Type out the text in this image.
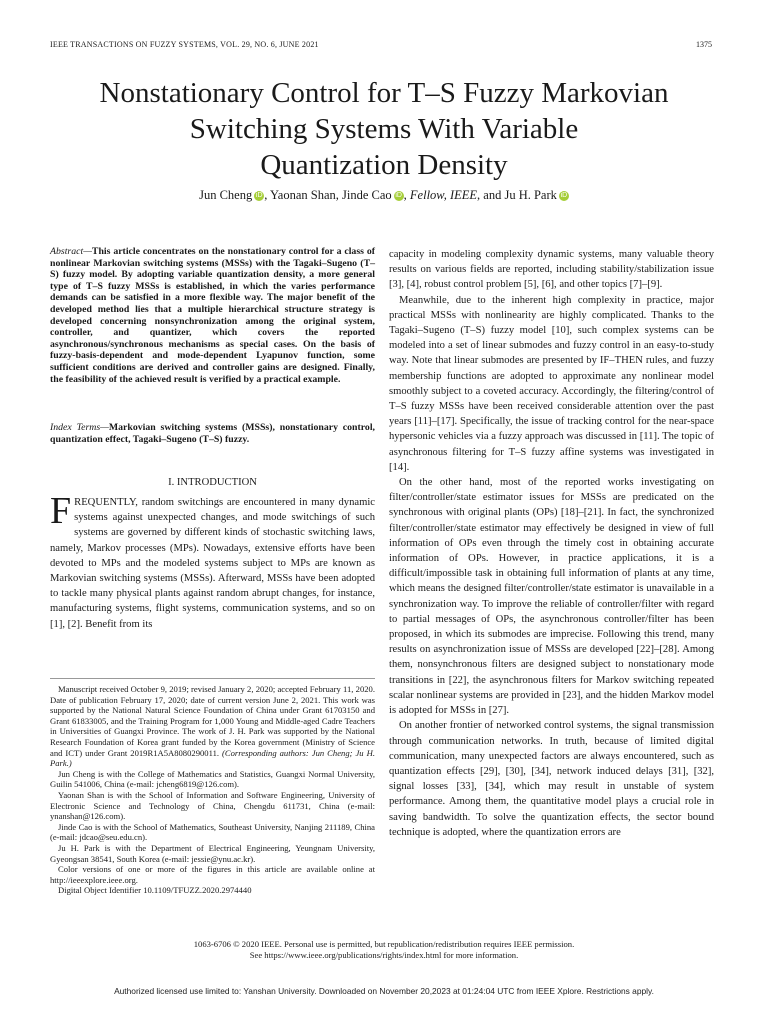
IEEE TRANSACTIONS ON FUZZY SYSTEMS, VOL. 29, NO. 6, JUNE 2021	1375
Nonstationary Control for T–S Fuzzy Markovian
Switching Systems With Variable
Quantization Density
Jun Cheng iD , Yaonan Shan, Jinde Cao iD , Fellow, IEEE, and Ju H. Park iD
Abstract—This article concentrates on the nonstationary control for a class of nonlinear Markovian switching systems (MSSs) with the Tagaki–Sugeno (T–S) fuzzy model. By adopting variable quantization density, a more general type of T–S fuzzy MSSs is established, in which the varies performance demands can be satisfied in a more flexible way. The major benefit of the developed method lies that a multiple hierarchical structure strategy is developed concerning nonsynchronization among the original system, controller, and quantizer, which covers the reported asynchronous/synchronous mechanisms as special cases. On the basis of fuzzy-basis-dependent and mode-dependent Lyapunov function, some sufficient conditions are derived and controller gains are designed. Finally, the feasibility of the achieved result is verified by a practical example.
Index Terms—Markovian switching systems (MSSs), nonstationary control, quantization effect, Tagaki–Sugeno (T–S) fuzzy.
I. INTRODUCTION

FREQUENTLY, random switchings are encountered in many dynamic systems against unexpected changes, and mode switchings of such systems are governed by different kinds of stochastic switching laws, namely, Markov processes (MPs). Nowadays, extensive efforts have been devoted to MPs and the modeled systems subject to MPs are known as Markovian switching systems (MSSs). Afterward, MSSs have been adopted to tackle many physical plants against random abrupt changes, for instance, manufacturing systems, flight systems, communication systems, and so on [1], [2]. Benefit from its

Manuscript received October 9, 2019; revised January 2, 2020; accepted February 11, 2020. Date of publication February 17, 2020; date of current version June 2, 2021. This work was supported by the National Natural Science Foundation of China under Grant 61703150 and Grant 61833005, and the Training Program for 1,000 Young and Middle-aged Cadre Teachers in Universities of Guangxi Province. The work of J. H. Park was supported by the National Research Foundation of Korea grant funded by the Korea government (Ministry of Science and ICT) under Grant 2019R1A5A8080290011. (Corresponding authors: Jun Cheng; Ju H. Park.)

Jun Cheng is with the College of Mathematics and Statistics, Guangxi Normal University, Guilin 541006, China (e-mail: jcheng6819@126.com).

Yaonan Shan is with the School of Information and Software Engineering, University of Electronic Science and Technology of China, Chengdu 611731, China (e-mail: ynanshan@126.com).

Jinde Cao is with the School of Mathematics, Southeast University, Nanjing 211189, China (e-mail: jdcao@seu.edu.cn).

Ju H. Park is with the Department of Electrical Engineering, Yeungnam University, Gyeongsan 38541, South Korea (e-mail: jessie@ynu.ac.kr).

Color versions of one or more of the figures in this article are available online at http://ieeexplore.ieee.org.

Digital Object Identifier 10.1109/TFUZZ.2020.2974440

capacity in modeling complexity dynamic systems, many valuable theory results on various fields are reported, including stability/stabilization issue [3], [4], robust control problem [5], [6], and other topics [7]–[9].

Meanwhile, due to the inherent high complexity in practice, major practical MSSs with nonlinearity are highly complicated. Thanks to the Tagaki–Sugeno (T–S) fuzzy model [10], such complex systems can be modeled into a set of linear submodes and fuzzy control in an easy-to-study way. Note that linear submodes are presented by IF–THEN rules, and fuzzy membership functions are adopted to approximate any nonlinear model smoothly subject to a coveted accuracy. Accordingly, the filtering/control of T–S fuzzy MSSs have been received considerable attention over the past years [11]–[17]. Specifically, the issue of tracking control for the near-space hypersonic vehicles via a fuzzy approach was discussed in [11]. The topic of asynchronous filtering for T–S fuzzy affine systems was investigated in [14].

On the other hand, most of the reported works investigating on filter/controller/state estimator issues for MSSs are predicated on the synchronous with original plants (OPs) [18]–[21]. In fact, the synchronized filter/controller/state estimator may effectively be designed in view of full information of OPs even through the timely cost in obtaining accurate information of OPs. However, in practice applications, it is a difficult/impossible task in obtaining full information of plants at any time, which means the designed filter/controller/state estimator is unavailable in a synchronization way. To improve the reliable of controller/filter with regard to partial messages of OPs, the asynchronous controller/filter has been proposed, in which its submodes are imprecise. Following this trend, many results on asynchronization issue of MSSs are developed [22]–[28]. Among them, nonsynchronous filters are designed subject to nonstationary mode transitions in [22], the asynchronous filters for Markov switching repeated scalar nonlinear systems are provided in [23], and the hidden Markov model is adopted for MSSs in [27].

On another frontier of networked control systems, the signal transmission through communication networks. In truth, because of limited digital communication, many unexpected factors are always encountered, such as quantization effects [29], [30], [34], network induced delays [31], [32], signal losses [33], [34], which may result in unstable of system performance. Among them, the quantitative model plays a crucial role in saving bandwidth. To solve the quantization effects, the sector bound technique is adopted, where the quantization errors are

1063-6706 © 2020 IEEE. Personal use is permitted, but republication/redistribution requires IEEE permission.
See https://www.ieee.org/publications/rights/index.html for more information.
Authorized licensed use limited to: Yanshan University. Downloaded on November 20,2023 at 01:24:04 UTC from IEEE Xplore. Restrictions apply.
